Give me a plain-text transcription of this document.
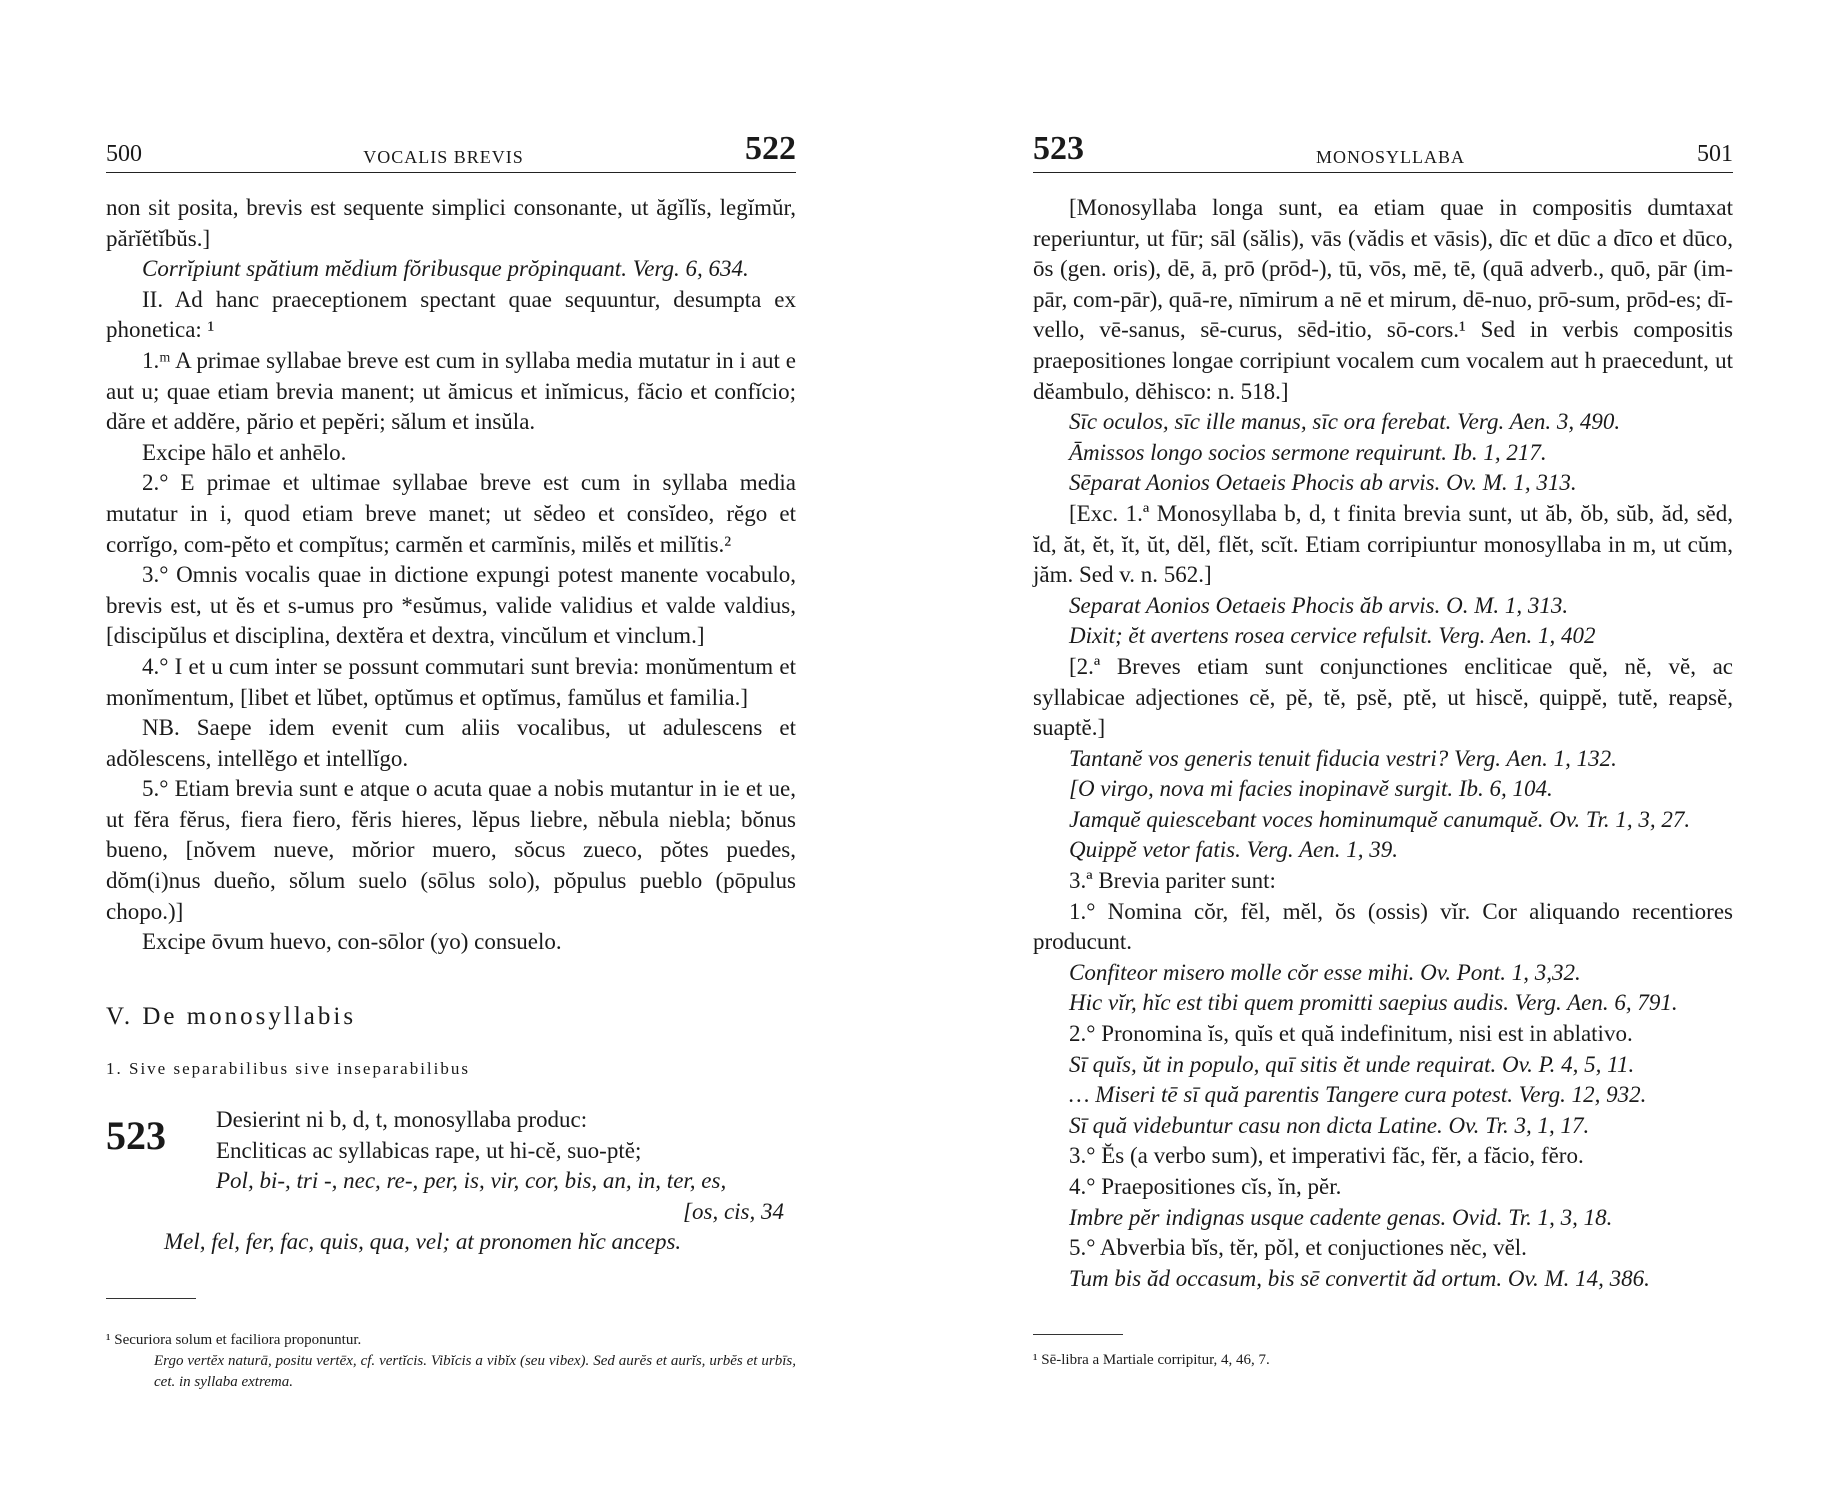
500	VOCALIS BREVIS	522

non sit posita, brevis est sequente simplici consonante, ut ăgĭlĭs, legĭmŭr, părĭĕtĭbŭs.]

Corrĭpiunt spătium mĕdium fŏribusque prŏpinquant. Verg. 6, 634.

II. Ad hanc praeceptionem spectant quae sequuntur, desumpta ex phonetica: ¹

1.ᵐ A primae syllabae breve est cum in syllaba media mutatur in i aut e aut u; quae etiam brevia manent; ut ămicus et inĭmicus, făcio et confĭcio; dăre et addĕre, părio et pepĕri; sălum et insŭla.

Excipe hālo et anhēlo.

2.° E primae et ultimae syllabae breve est cum in syllaba media mutatur in i, quod etiam breve manet; ut sĕdeo et consĭdeo, rĕgo et corrĭgo, com-pĕto et compĭtus; carmĕn et carmĭnis, milĕs et milĭtis.²

3.° Omnis vocalis quae in dictione expungi potest manente vocabulo, brevis est, ut ĕs et s-umus pro *esŭmus, valide validius et valde valdius, [discipŭlus et disciplina, dextĕra et dextra, vincŭlum et vinclum.]

4.° I et u cum inter se possunt commutari sunt brevia: monŭmentum et monĭmentum, [libet et lŭbet, optŭmus et optĭmus, famŭlus et familia.]

NB. Saepe idem evenit cum aliis vocalibus, ut adulescens et adŏlescens, intellĕgo et intellĭgo.

5.° Etiam brevia sunt e atque o acuta quae a nobis mutantur in ie et ue, ut fĕra fĕrus, fiera fiero, fĕris hieres, lĕpus liebre, nĕbula niebla; bŏnus bueno, [nŏvem nueve, mŏrior muero, sŏcus zueco, pŏtes puedes, dŏm(i)nus dueño, sŏlum suelo (sōlus solo), pŏpulus pueblo (pōpulus chopo.)]

Excipe ōvum huevo, con-sōlor (yo) consuelo.

V. De monosyllabis

1. Sive separabilibus sive inseparabilibus

523	Desierint ni b, d, t, monosyllaba produc:
Encliticas ac syllabicas rape, ut hi-cĕ, suo-ptĕ;
Pol, bi-, tri -, nec, re-, per, is, vir, cor, bis, an, in, ter, es,
[os, cis, 34
Mel, fel, fer, fac, quis, qua, vel; at pronomen hĭc anceps.

¹ Securiora solum et faciliora proponuntur.

Ergo vertĕx naturā, positu vertēx, cf. vertĭcis. Vibĭcis a vibĭx (seu vibex). Sed aurĕs et aurĭs, urbĕs et urbīs, cet. in syllaba extrema.

523	MONOSYLLABA	501

[Monosyllaba longa sunt, ea etiam quae in compositis dumtaxat reperiuntur, ut fūr; sāl (sălis), vās (vădis et vāsis), dīc et dūc a dīco et dūco, ōs (gen. oris), dē, ā, prō (prōd-), tū, vōs, mē, tē, (quā adverb., quō, pār (im-pār, com-pār), quā-re, nīmirum a nē et mirum, dē-nuo, prō-sum, prōd-es; dī-vello, vē-sanus, sē-curus, sēd-itio, sō-cors.¹ Sed in verbis compositis praepositiones longae corripiunt vocalem cum vocalem aut h praecedunt, ut dĕambulo, dĕhisco: n. 518.]

Sīc oculos, sīc ille manus, sīc ora ferebat. Verg. Aen. 3, 490.

Āmissos longo socios sermone requirunt. Ib. 1, 217.

Sēparat Aonios Oetaeis Phocis ab arvis. Ov. M. 1, 313.

[Exc. 1.ª Monosyllaba b, d, t finita brevia sunt, ut ăb, ŏb, sŭb, ăd, sĕd, ĭd, ăt, ĕt, ĭt, ŭt, dĕl, flĕt, scĭt. Etiam corripiuntur monosyllaba in m, ut cŭm, jăm. Sed v. n. 562.]

Separat Aonios Oetaeis Phocis ăb arvis. O. M. 1, 313.

Dixit; ĕt avertens rosea cervice refulsit. Verg. Aen. 1, 402

[2.ª Breves etiam sunt conjunctiones encliticae quĕ, nĕ, vĕ, ac syllabicae adjectiones cĕ, pĕ, tĕ, psĕ, ptĕ, ut hiscĕ, quippĕ, tutĕ, reapsĕ, suaptĕ.]

Tantanĕ vos generis tenuit fiducia vestri? Verg. Aen. 1, 132.

[O virgo, nova mi facies inopinavĕ surgit. Ib. 6, 104.

Jamquĕ quiescebant voces hominumquĕ canumquĕ. Ov. Tr. 1, 3, 27.

Quippĕ vetor fatis. Verg. Aen. 1, 39.

3.ª Brevia pariter sunt:

1.° Nomina cŏr, fĕl, mĕl, ŏs (ossis) vĭr. Cor aliquando recentiores producunt.

Confiteor misero molle cŏr esse mihi. Ov. Pont. 1, 3,32.

Hic vĭr, hĭc est tibi quem promitti saepius audis. Verg. Aen. 6, 791.

2.° Pronomina ĭs, quĭs et quă indefinitum, nisi est in ablativo.

Sī quĭs, ŭt in populo, quī sitis ĕt unde requirat. Ov. P. 4, 5, 11.

… Miseri tē sī quă parentis Tangere cura potest. Verg. 12, 932.

Sī quă videbuntur casu non dicta Latine. Ov. Tr. 3, 1, 17.

3.° Ĕs (a verbo sum), et imperativi făc, fĕr, a făcio, fĕro.

4.° Praepositiones cĭs, ĭn, pĕr.

Imbre pĕr indignas usque cadente genas. Ovid. Tr. 1, 3, 18.

5.° Abverbia bĭs, tĕr, pŏl, et conjuctiones nĕc, vĕl.

Tum bis ăd occasum, bis sē convertit ăd ortum. Ov. M. 14, 386.

¹ Sē-libra a Martiale corripitur, 4, 46, 7.
